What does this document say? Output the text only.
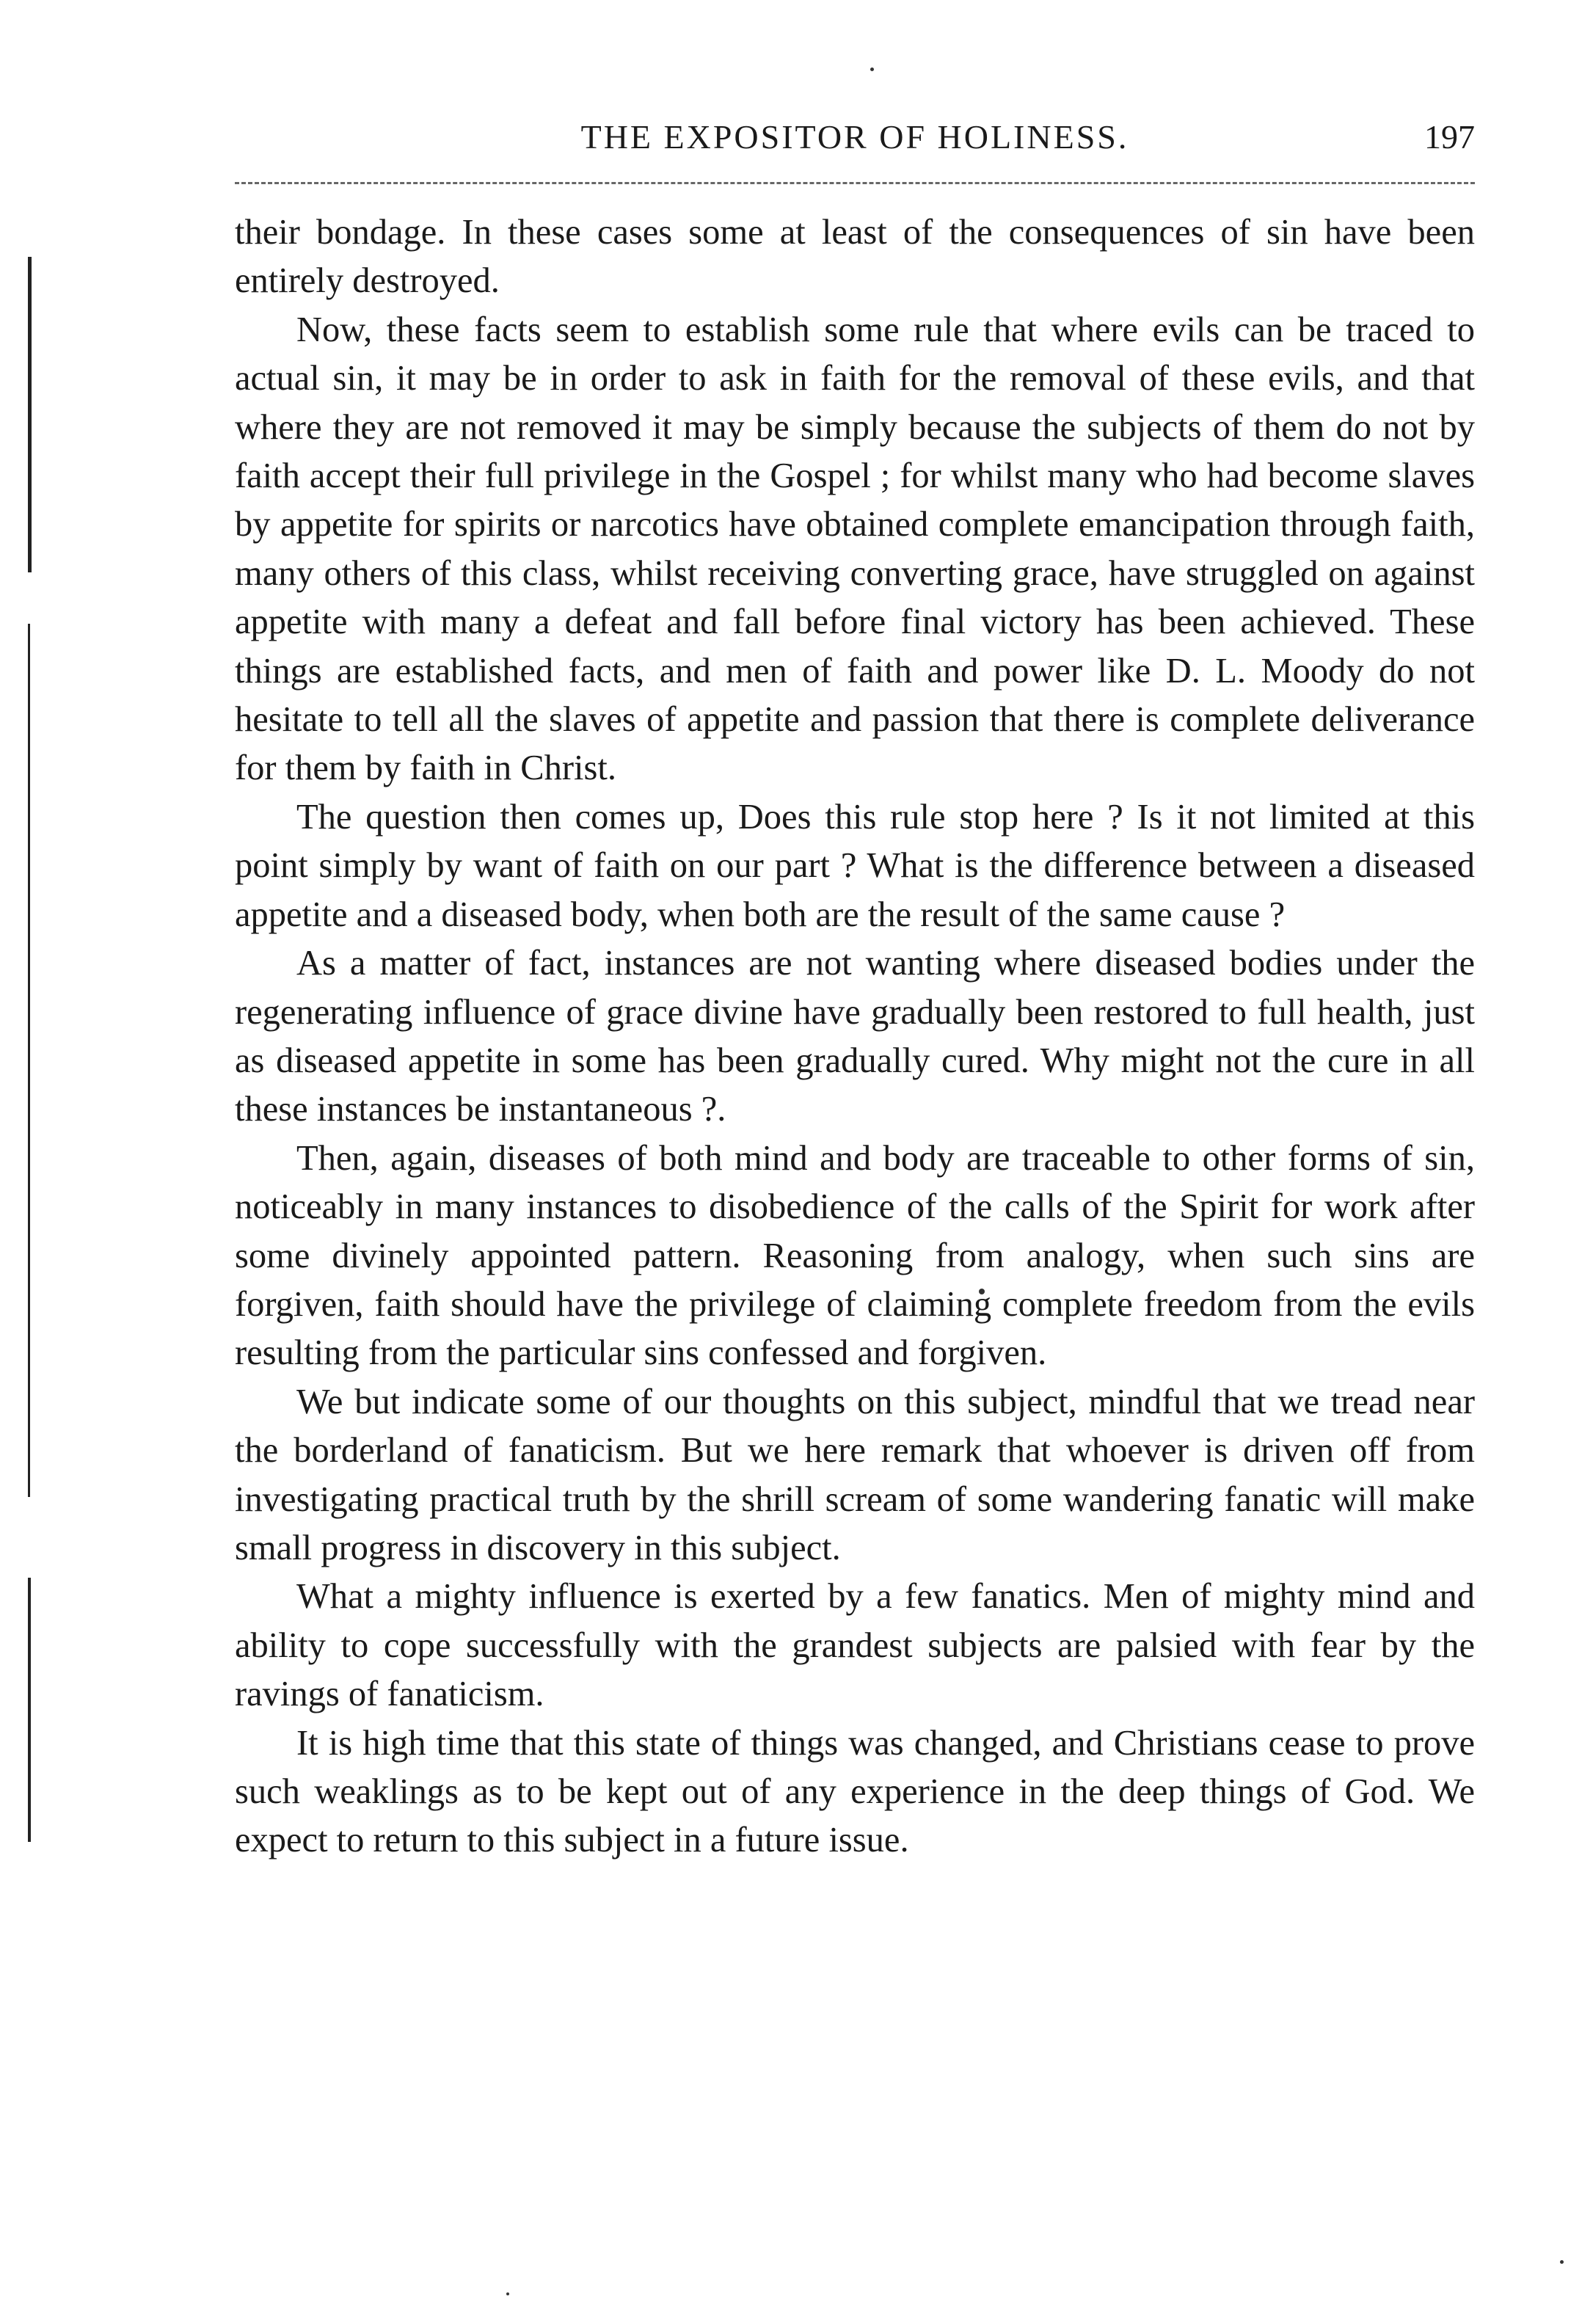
THE EXPOSITOR OF HOLINESS.	197

their bondage. In these cases some at least of the consequences of sin have been entirely destroyed.

Now, these facts seem to establish some rule that where evils can be traced to actual sin, it may be in order to ask in faith for the removal of these evils, and that where they are not removed it may be simply because the subjects of them do not by faith accept their full privilege in the Gospel ; for whilst many who had become slaves by appetite for spirits or narcotics have obtained complete emancipation through faith, many others of this class, whilst receiving converting grace, have struggled on against appetite with many a defeat and fall before final victory has been achieved. These things are established facts, and men of faith and power like D. L. Moody do not hesitate to tell all the slaves of appetite and passion that there is complete deliverance for them by faith in Christ.

The question then comes up, Does this rule stop here ? Is it not limited at this point simply by want of faith on our part ? What is the difference between a diseased appetite and a diseased body, when both are the result of the same cause ?

As a matter of fact, instances are not wanting where diseased bodies under the regenerating influence of grace divine have gradually been restored to full health, just as diseased appetite in some has been gradually cured. Why might not the cure in all these instances be instantaneous ?.

Then, again, diseases of both mind and body are traceable to other forms of sin, noticeably in many instances to disobedience of the calls of the Spirit for work after some divinely appointed pattern. Reasoning from analogy, when such sins are forgiven, faith should have the privilege of claiming complete freedom from the evils resulting from the particular sins confessed and forgiven.

We but indicate some of our thoughts on this subject, mindful that we tread near the borderland of fanaticism. But we here remark that whoever is driven off from investigating practical truth by the shrill scream of some wandering fanatic will make small progress in discovery in this subject.

What a mighty influence is exerted by a few fanatics. Men of mighty mind and ability to cope successfully with the grandest subjects are palsied with fear by the ravings of fanaticism.

It is high time that this state of things was changed, and Christians cease to prove such weaklings as to be kept out of any experience in the deep things of God. We expect to return to this subject in a future issue.
